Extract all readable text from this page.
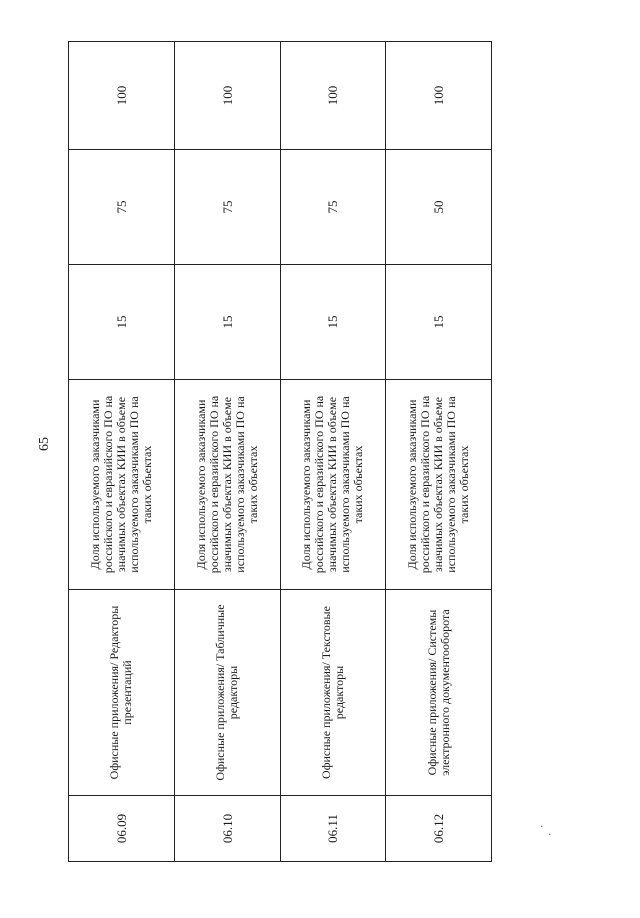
65
06.09	Офисные приложения/ Редакторы презентаций	Доля используемого заказчиками российского и евразийского ПО на значимых объектах КИИ в объеме используемого заказчиками ПО на таких объектах	15	75	100
06.10	Офисные приложения/ Табличные редакторы	Доля используемого заказчиками российского и евразийского ПО на значимых объектах КИИ в объеме используемого заказчиками ПО на таких объектах	15	75	100
06.11	Офисные приложения/ Текстовые редакторы	Доля используемого заказчиками российского и евразийского ПО на значимых объектах КИИ в объеме используемого заказчиками ПО на таких объектах	15	75	100
06.12	Офисные приложения/ Системы электронного документооборота	Доля используемого заказчиками российского и евразийского ПО на значимых объектах КИИ в объеме используемого заказчиками ПО на таких объектах	15	50	100
·
·
